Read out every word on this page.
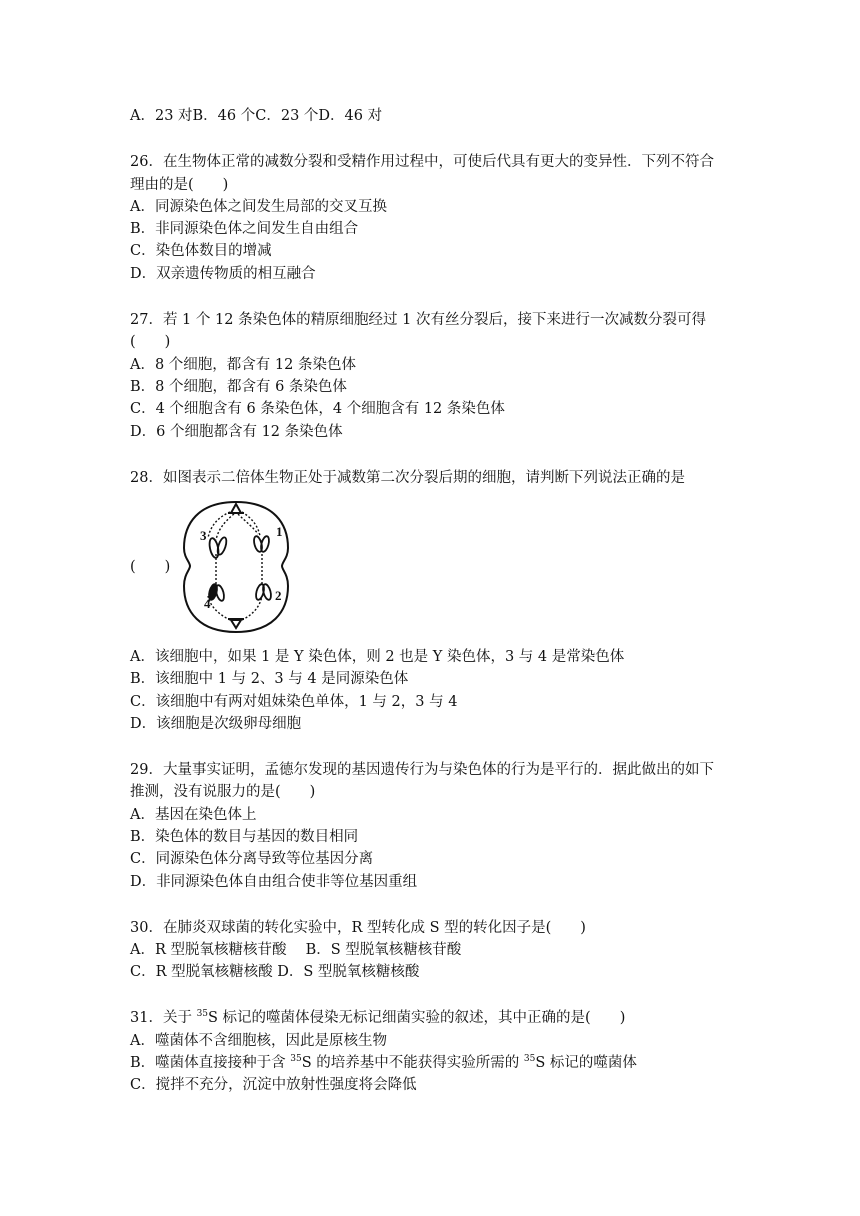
A．23 对B．46 个C．23 个D．46 对
26．在生物体正常的减数分裂和受精作用过程中，可使后代具有更大的变异性．下列不符合
理由的是(　　)
A．同源染色体之间发生局部的交叉互换
B．非同源染色体之间发生自由组合
C．染色体数目的增减
D．双亲遗传物质的相互融合
27．若 1 个 12 条染色体的精原细胞经过 1 次有丝分裂后，接下来进行一次减数分裂可得
(　　)
A．8 个细胞，都含有 12 条染色体
B．8 个细胞，都含有 6 条染色体
C．4 个细胞含有 6 条染色体，4 个细胞含有 12 条染色体
D．6 个细胞都含有 12 条染色体
28．如图表示二倍体生物正处于减数第二次分裂后期的细胞，请判断下列说法正确的是
(　　)
3	1
4
2
A．该细胞中，如果 1 是 Y 染色体，则 2 也是 Y 染色体，3 与 4 是常染色体
B．该细胞中 1 与 2、3 与 4 是同源染色体
C．该细胞中有两对姐妹染色单体，1 与 2，3 与 4
D．该细胞是次级卵母细胞
29．大量事实证明，孟德尔发现的基因遗传行为与染色体的行为是平行的．据此做出的如下
推测，没有说服力的是(　　)
A．基因在染色体上
B．染色体的数目与基因的数目相同
C．同源染色体分离导致等位基因分离
D．非同源染色体自由组合使非等位基因重组
30．在肺炎双球菌的转化实验中，R 型转化成 S 型的转化因子是(　　)
A．R 型脱氧核糖核苷酸　 B．S 型脱氧核糖核苷酸
C．R 型脱氧核糖核酸 D．S 型脱氧核糖核酸
31．关于 $^{35}$S 标记的噬菌体侵染无标记细菌实验的叙述，其中正确的是(　　)
A．噬菌体不含细胞核，因此是原核生物
B．噬菌体直接接种于含 $^{35}$S 的培养基中不能获得实验所需的 $^{35}$S 标记的噬菌体
C．搅拌不充分，沉淀中放射性强度将会降低
